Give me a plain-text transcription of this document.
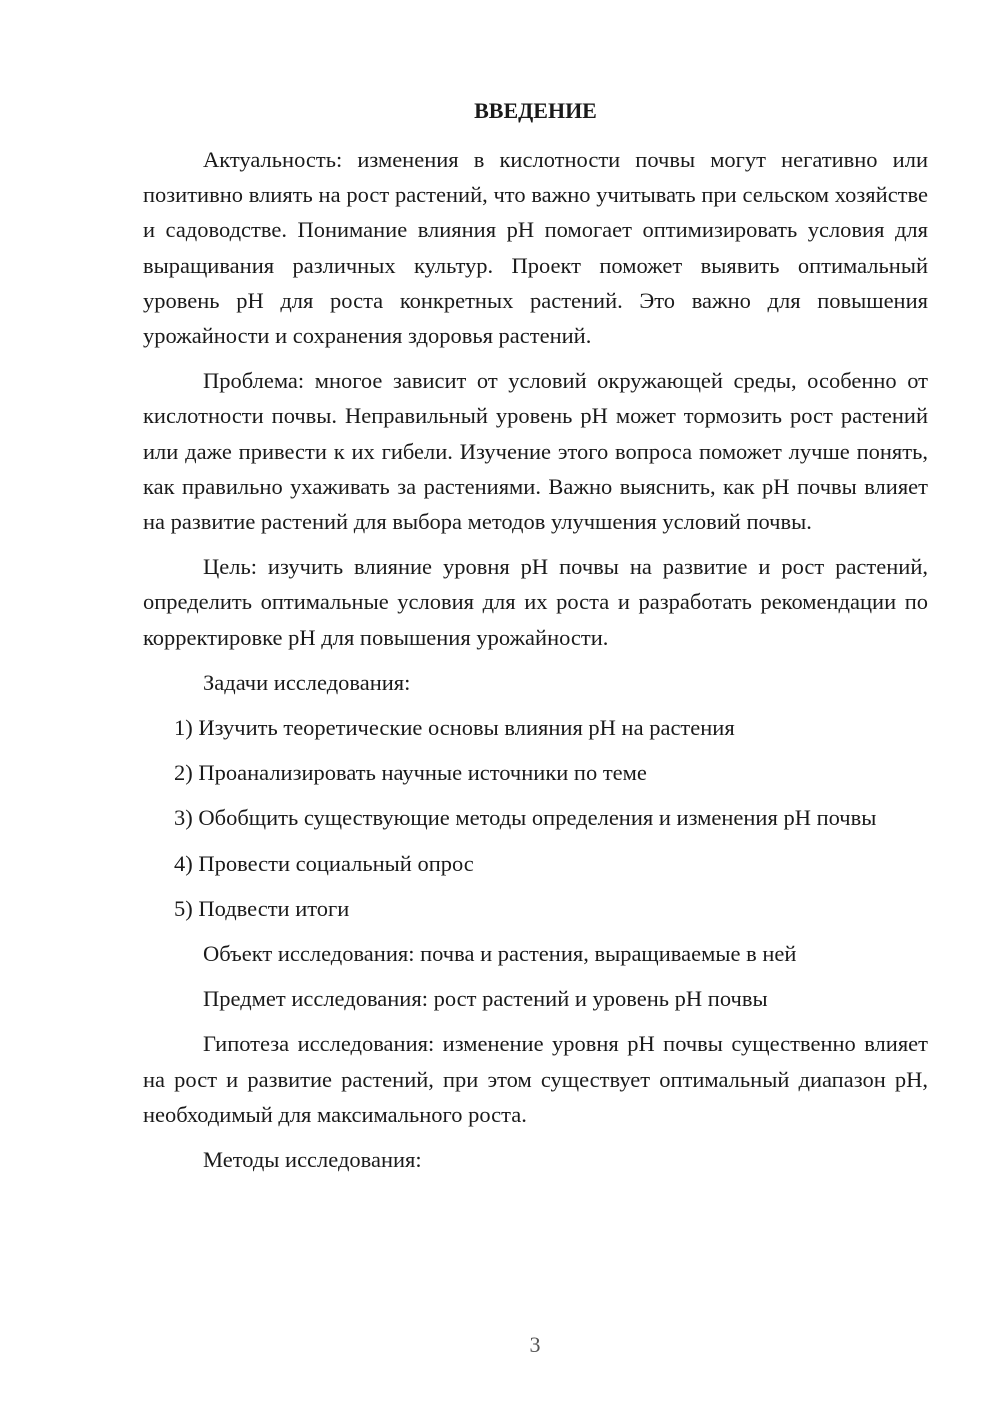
ВВЕДЕНИЕ

Актуальность: изменения в кислотности почвы могут негативно или позитивно влиять на рост растений, что важно учитывать при сельском хозяйстве и садоводстве. Понимание влияния pH помогает оптимизировать условия для выращивания различных культур. Проект поможет выявить оптимальный уровень pH для роста конкретных растений. Это важно для повышения урожайности и сохранения здоровья растений.

Проблема: многое зависит от условий окружающей среды, особенно от кислотности почвы. Неправильный уровень pH может тормозить рост растений или даже привести к их гибели. Изучение этого вопроса поможет лучше понять, как правильно ухаживать за растениями. Важно выяснить, как pH почвы влияет на развитие растений для выбора методов улучшения условий почвы.

Цель: изучить влияние уровня pH почвы на развитие и рост растений, определить оптимальные условия для их роста и разработать рекомендации по корректировке pH для повышения урожайности.

Задачи исследования:

1) Изучить теоретические основы влияния pH на растения

2) Проанализировать научные источники по теме

3) Обобщить существующие методы определения и изменения pH почвы

4) Провести социальный опрос

5) Подвести итоги

Объект исследования: почва и растения, выращиваемые в ней

Предмет исследования: рост растений и уровень pH почвы

Гипотеза исследования: изменение уровня pH почвы существенно влияет на рост и развитие растений, при этом существует оптимальный диапазон pH, необходимый для максимального роста.

Методы исследования:

3
